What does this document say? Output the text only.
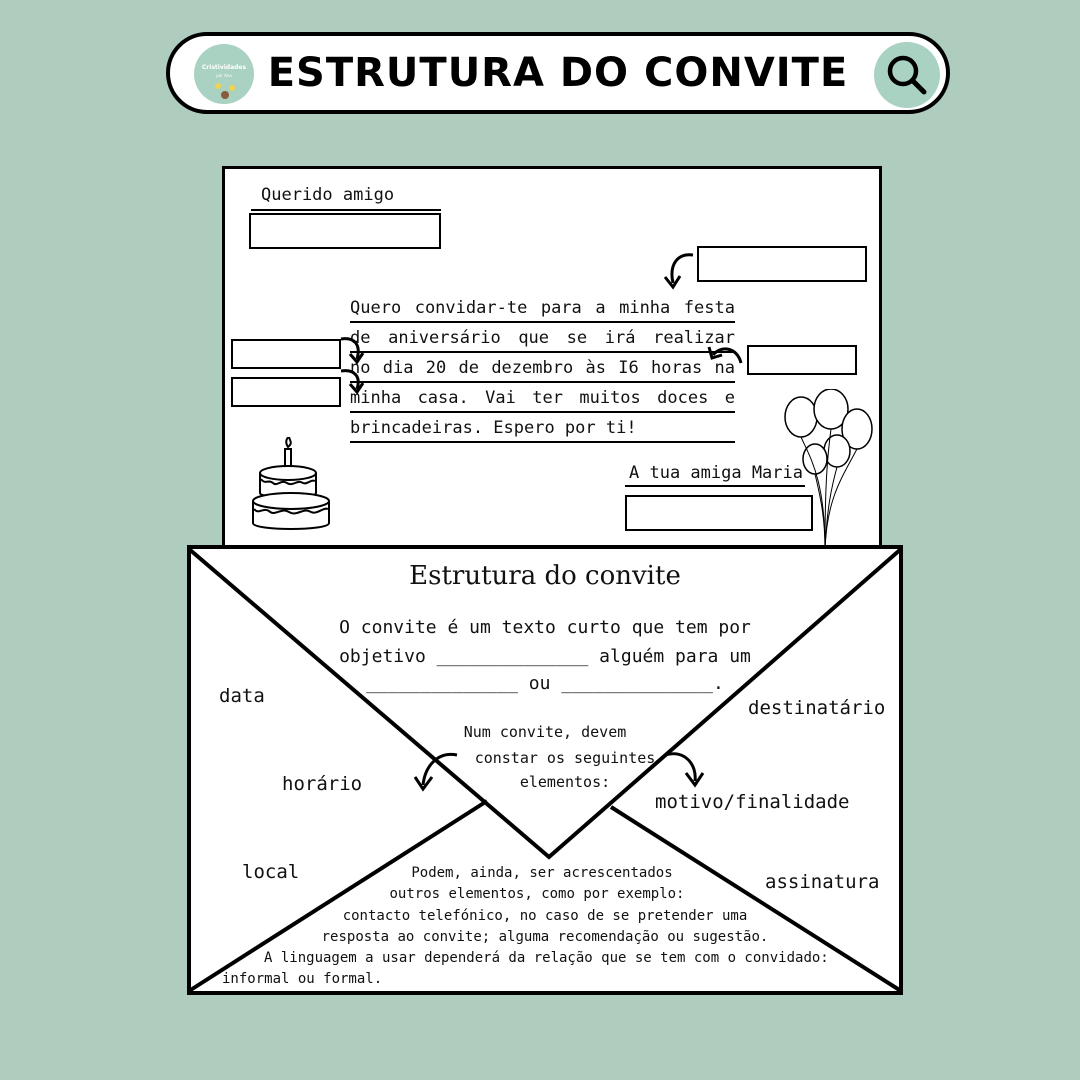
Cristividades
por Ana ESTRUTURA DO CONVITE
Querido amigo
Quero convidar-te para a minha festa
de aniversário que se irá realizar
no dia 20 de dezembro às I6 horas na
minha casa. Vai ter muitos doces e
brincadeiras. Espero por ti!
A tua amiga Maria
Estrutura do convite
O convite é um texto curto que tem por
objetivo ______________ alguém para um
______________ ou ______________.
Num convite, devem
constar os seguintes
elementos:
data
horário
local
destinatário
motivo/finalidade
assinatura
Podem, ainda, ser acrescentados
outros elementos, como por exemplo:
contacto telefónico, no caso de se pretender uma
resposta ao convite; alguma recomendação ou sugestão.
A linguagem a usar dependerá da relação que se tem com o convidado:
informal ou formal.
